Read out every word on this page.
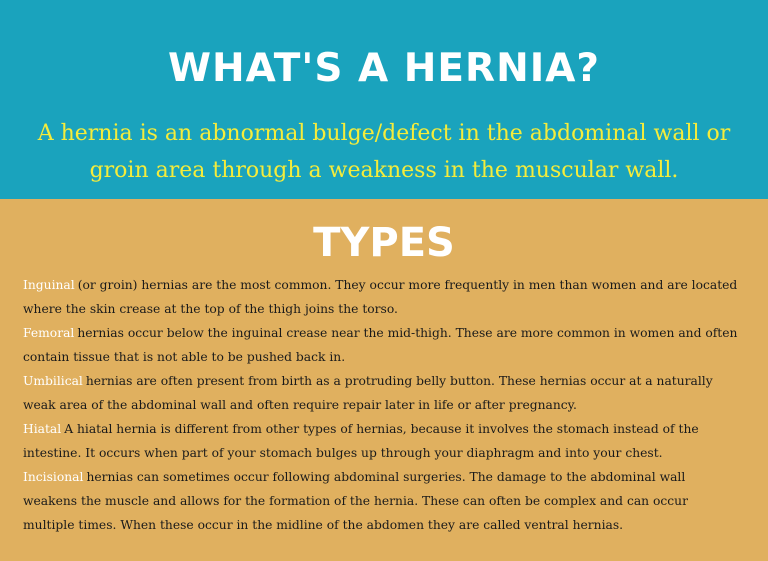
WHAT'S A HERNIA?

A hernia is an abnormal bulge/defect in the abdominal wall or groin area through a weakness in the muscular wall.

TYPES
Inguinal (or groin) hernias are the most common. They occur more frequently in men than women and are located where the skin crease at the top of the thigh joins the torso.
Femoral hernias occur below the inguinal crease near the mid-thigh. These are more common in women and often contain tissue that is not able to be pushed back in.
Umbilical hernias are often present from birth as a protruding belly button. These hernias occur at a naturally weak area of the abdominal wall and often require repair later in life or after pregnancy.
Hiatal A hiatal hernia is different from other types of hernias, because it involves the stomach instead of the intestine. It occurs when part of your stomach bulges up through your diaphragm and into your chest.
Incisional hernias can sometimes occur following abdominal surgeries. The damage to the abdominal wall weakens the muscle and allows for the formation of the hernia. These can often be complex and can occur multiple times. When these occur in the midline of the abdomen they are called ventral hernias.
